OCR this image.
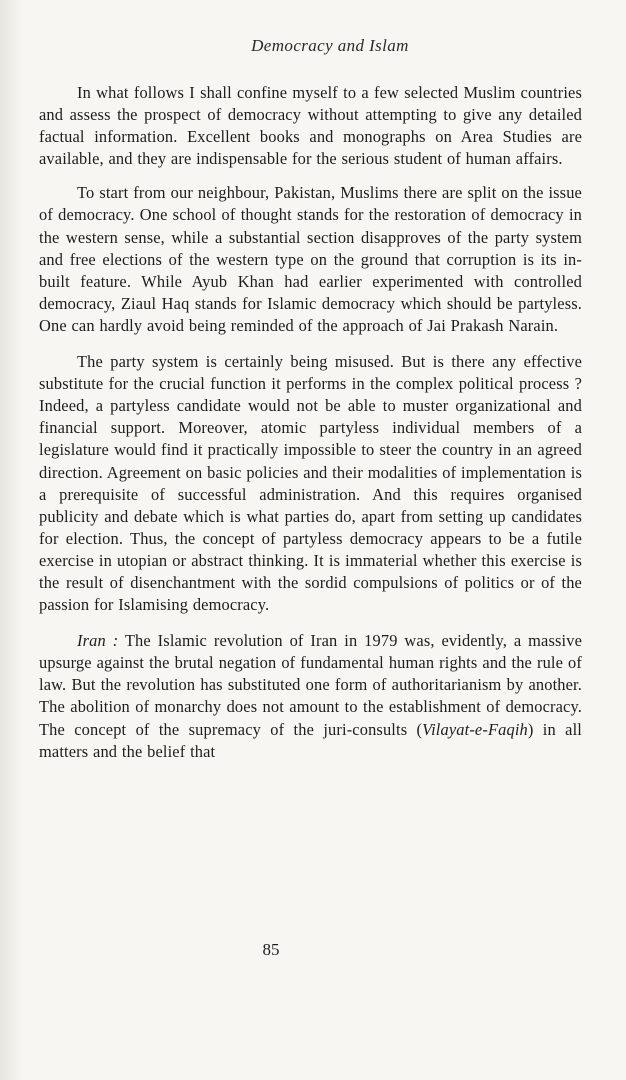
Democracy and Islam

In what follows I shall confine myself to a few selected Muslim countries and assess the prospect of democracy without attempting to give any detailed factual information. Excellent books and monographs on Area Studies are available, and they are indispensable for the serious student of human affairs.

To start from our neighbour, Pakistan, Muslims there are split on the issue of democracy. One school of thought stands for the restoration of democracy in the western sense, while a substantial section disapproves of the party system and free elections of the western type on the ground that corruption is its in-built feature. While Ayub Khan had earlier experimented with controlled democracy, Ziaul Haq stands for Islamic democracy which should be partyless. One can hardly avoid being reminded of the approach of Jai Prakash Narain.

The party system is certainly being misused. But is there any effective substitute for the crucial function it performs in the complex political process ? Indeed, a partyless candidate would not be able to muster organizational and financial support. Moreover, atomic partyless individual members of a legislature would find it practically impossible to steer the country in an agreed direction. Agreement on basic policies and their modalities of implementation is a prerequisite of successful administration. And this requires organised publicity and debate which is what parties do, apart from setting up candidates for election. Thus, the concept of partyless democracy appears to be a futile exercise in utopian or abstract thinking. It is immaterial whether this exercise is the result of disenchantment with the sordid compulsions of politics or of the passion for Islamising democracy.

Iran : The Islamic revolution of Iran in 1979 was, evidently, a massive upsurge against the brutal negation of fundamental human rights and the rule of law. But the revolution has substituted one form of authoritarianism by another. The abolition of monarchy does not amount to the establishment of democracy. The concept of the supremacy of the juri-consults (Vilayat-e-Faqih) in all matters and the belief that

85
